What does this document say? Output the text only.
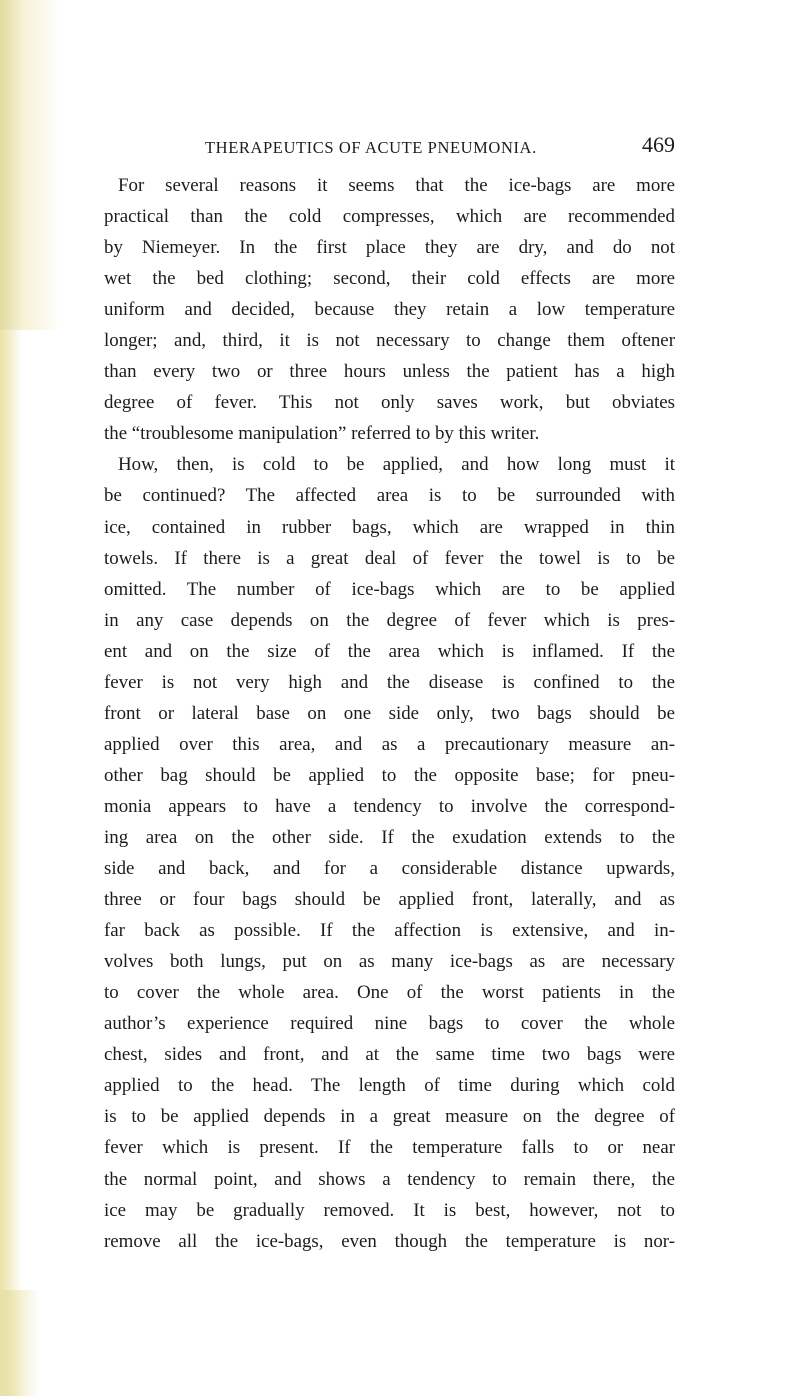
THERAPEUTICS OF ACUTE PNEUMONIA.	469
For several reasons it seems that the ice-bags are more
practical than the cold compresses, which are recommended
by Niemeyer. In the first place they are dry, and do not
wet the bed clothing; second, their cold effects are more
uniform and decided, because they retain a low temperature
longer; and, third, it is not necessary to change them oftener
than every two or three hours unless the patient has a high
degree of fever. This not only saves work, but obviates
the “troublesome manipulation” referred to by this writer.
How, then, is cold to be applied, and how long must it
be continued? The affected area is to be surrounded with
ice, contained in rubber bags, which are wrapped in thin
towels. If there is a great deal of fever the towel is to be
omitted. The number of ice-bags which are to be applied
in any case depends on the degree of fever which is pres-
ent and on the size of the area which is inflamed. If the
fever is not very high and the disease is confined to the
front or lateral base on one side only, two bags should be
applied over this area, and as a precautionary measure an-
other bag should be applied to the opposite base; for pneu-
monia appears to have a tendency to involve the correspond-
ing area on the other side. If the exudation extends to the
side and back, and for a considerable distance upwards,
three or four bags should be applied front, laterally, and as
far back as possible. If the affection is extensive, and in-
volves both lungs, put on as many ice-bags as are necessary
to cover the whole area. One of the worst patients in the
author’s experience required nine bags to cover the whole
chest, sides and front, and at the same time two bags were
applied to the head. The length of time during which cold
is to be applied depends in a great measure on the degree of
fever which is present. If the temperature falls to or near
the normal point, and shows a tendency to remain there, the
ice may be gradually removed. It is best, however, not to
remove all the ice-bags, even though the temperature is nor-
